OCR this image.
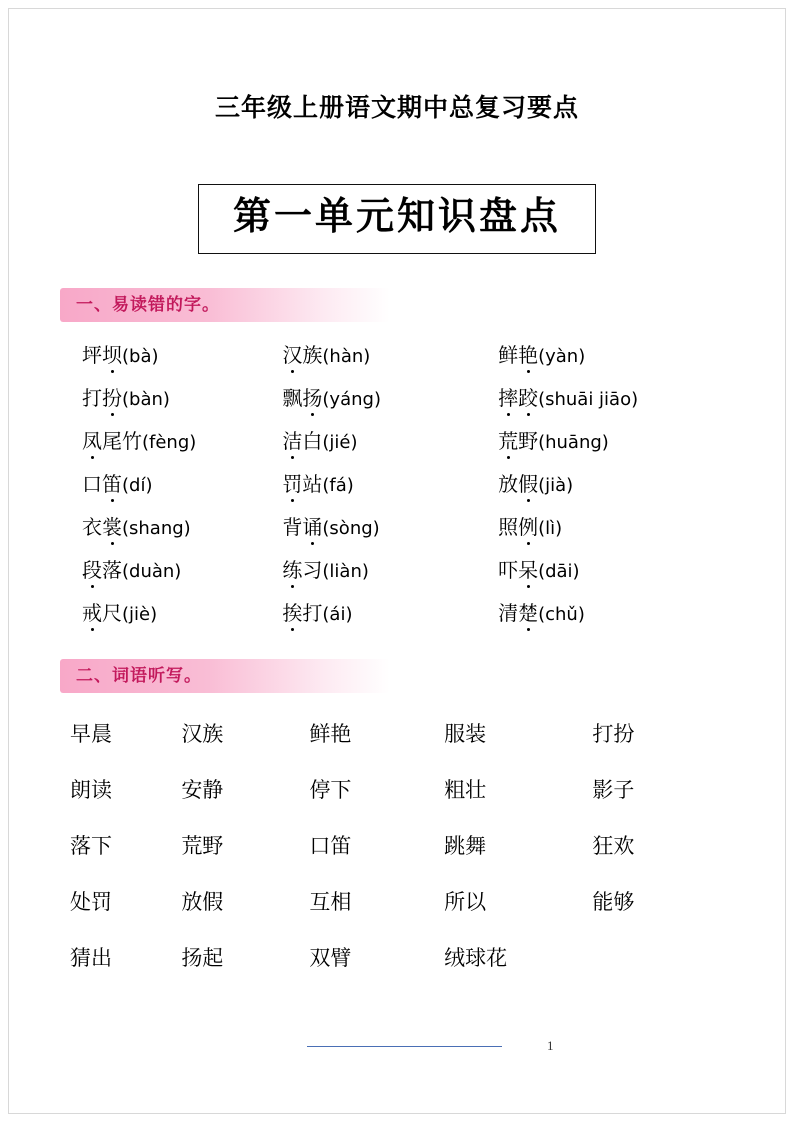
三年级上册语文期中总复习要点
第一单元知识盘点
一、易读错的字。
坪坝(bà)	汉族(hàn)	鲜艳(yàn)
打扮(bàn)	飘扬(yáng)	摔跤(shuāi jiāo)
凤尾竹(fèng)	洁白(jié)	荒野(huāng)
口笛(dí)	罚站(fá)	放假(jià)
衣裳(shang)	背诵(sòng)	照例(lì)
段落(duàn)	练习(liàn)	吓呆(dāi)
戒尺(jiè)	挨打(ái)	清楚(chǔ)
二、词语听写。
早晨	汉族	鲜艳	服装	打扮
朗读	安静	停下	粗壮	影子
落下	荒野	口笛	跳舞	狂欢
处罚	放假	互相	所以	能够
猜出	扬起	双臂	绒球花	
1
